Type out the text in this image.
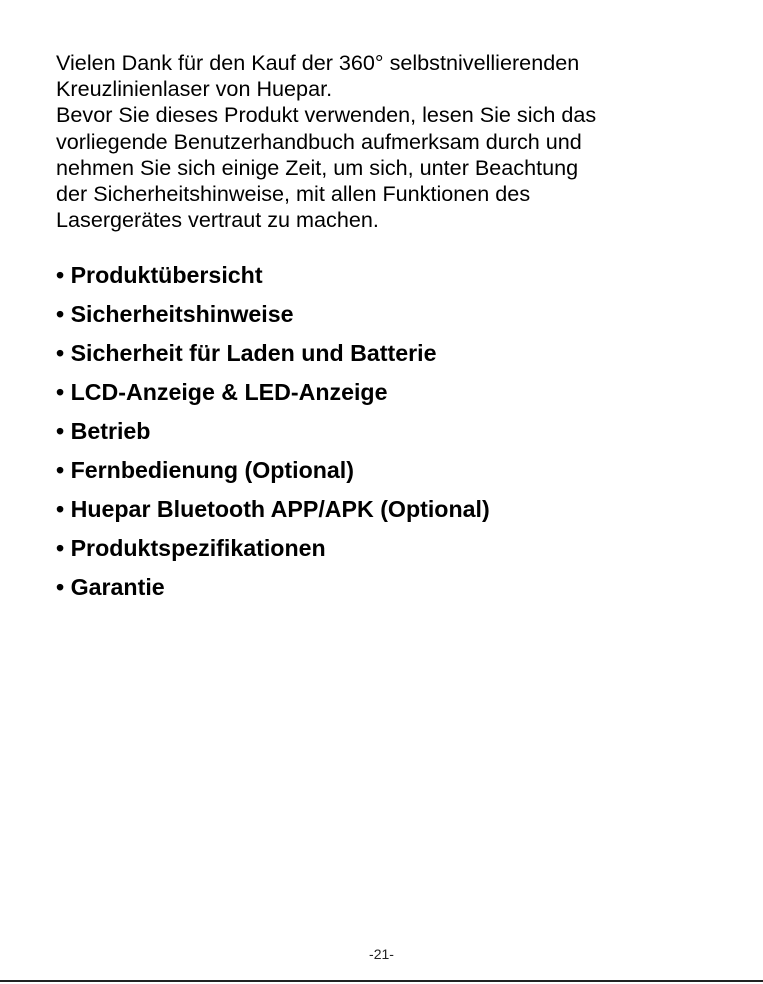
Vielen Dank für den Kauf der 360° selbstnivellierenden
Kreuzlinienlaser von Huepar.
Bevor Sie dieses Produkt verwenden, lesen Sie sich das
vorliegende Benutzerhandbuch aufmerksam durch und
nehmen Sie sich einige Zeit, um sich, unter Beachtung
der Sicherheitshinweise, mit allen Funktionen des
Lasergerätes vertraut zu machen.
• Produktübersicht
• Sicherheitshinweise
• Sicherheit für Laden und Batterie
• LCD-Anzeige & LED-Anzeige
• Betrieb
• Fernbedienung (Optional)
• Huepar Bluetooth APP/APK (Optional)
• Produktspezifikationen
• Garantie
-21-
